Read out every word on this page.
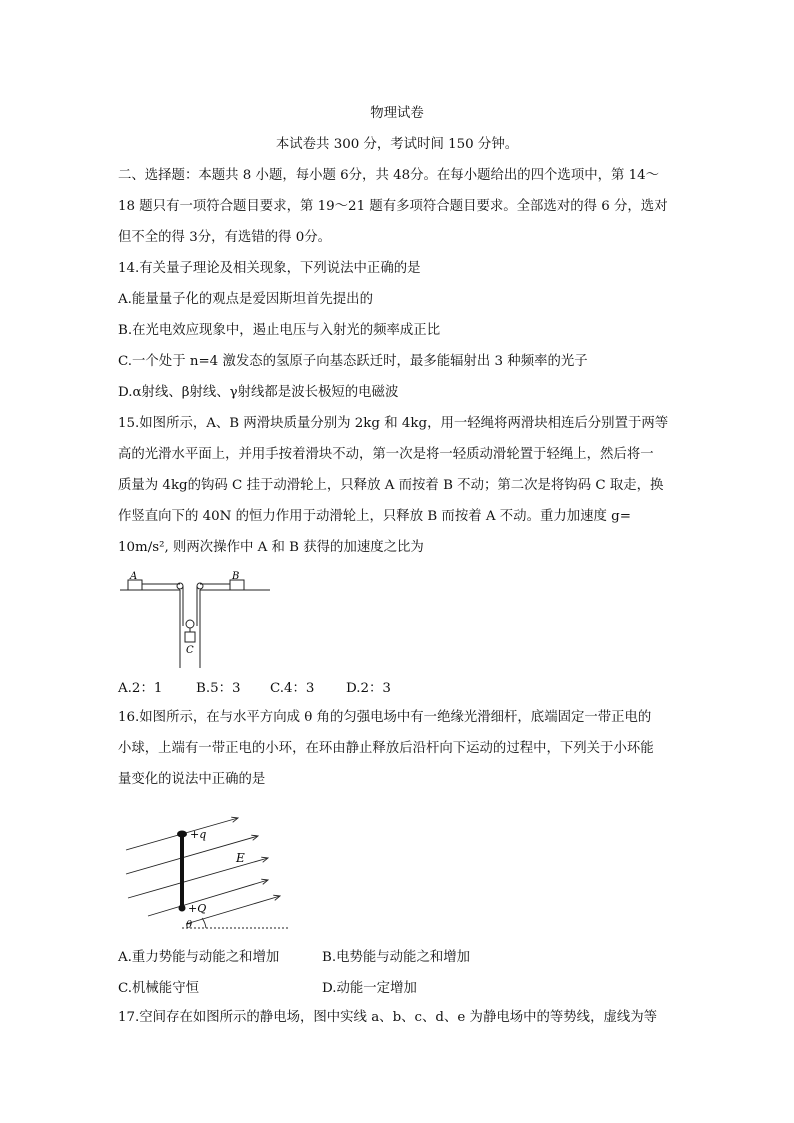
物理试卷
本试卷共 300 分，考试时间 150 分钟。
二、选择题：本题共 8 小题，每小题 6分，共 48分。在每小题给出的四个选项中，第 14～
18 题只有一项符合题目要求，第 19～21 题有多项符合题目要求。全部选对的得 6 分，选对
但不全的得 3分，有选错的得 0分。
14.有关量子理论及相关现象，下列说法中正确的是
A.能量量子化的观点是爱因斯坦首先提出的
B.在光电效应现象中，遏止电压与入射光的频率成正比
C.一个处于 n=4 激发态的氢原子向基态跃迁时，最多能辐射出 3 种频率的光子
D.α射线、β射线、γ射线都是波长极短的电磁波
15.如图所示，A、B 两滑块质量分别为 2kg 和 4kg，用一轻绳将两滑块相连后分别置于两等
高的光滑水平面上，并用手按着滑块不动，第一次是将一轻质动滑轮置于轻绳上，然后将一
质量为 4kg的钩码 C 挂于动滑轮上，只释放 A 而按着 B 不动；第二次是将钩码 C 取走，换
作竖直向下的 40N 的恒力作用于动滑轮上，只释放 B 而按着 A 不动。重力加速度 g=
10m/s², 则两次操作中 A 和 B 获得的加速度之比为
A	B
C
A.2：1	B.5：3 C.4：3 D.2：3
16.如图所示，在与水平方向成 θ 角的匀强电场中有一绝缘光滑细杆，底端固定一带正电的
小球，上端有一带正电的小环，在环由静止释放后沿杆向下运动的过程中，下列关于小环能
量变化的说法中正确的是
+q
+Q
E
θ
A.重力势能与动能之和增加	B.电势能与动能之和增加
C.机械能守恒	D.动能一定增加
17.空间存在如图所示的静电场，图中实线 a、b、c、d、e 为静电场中的等势线，虚线为等
